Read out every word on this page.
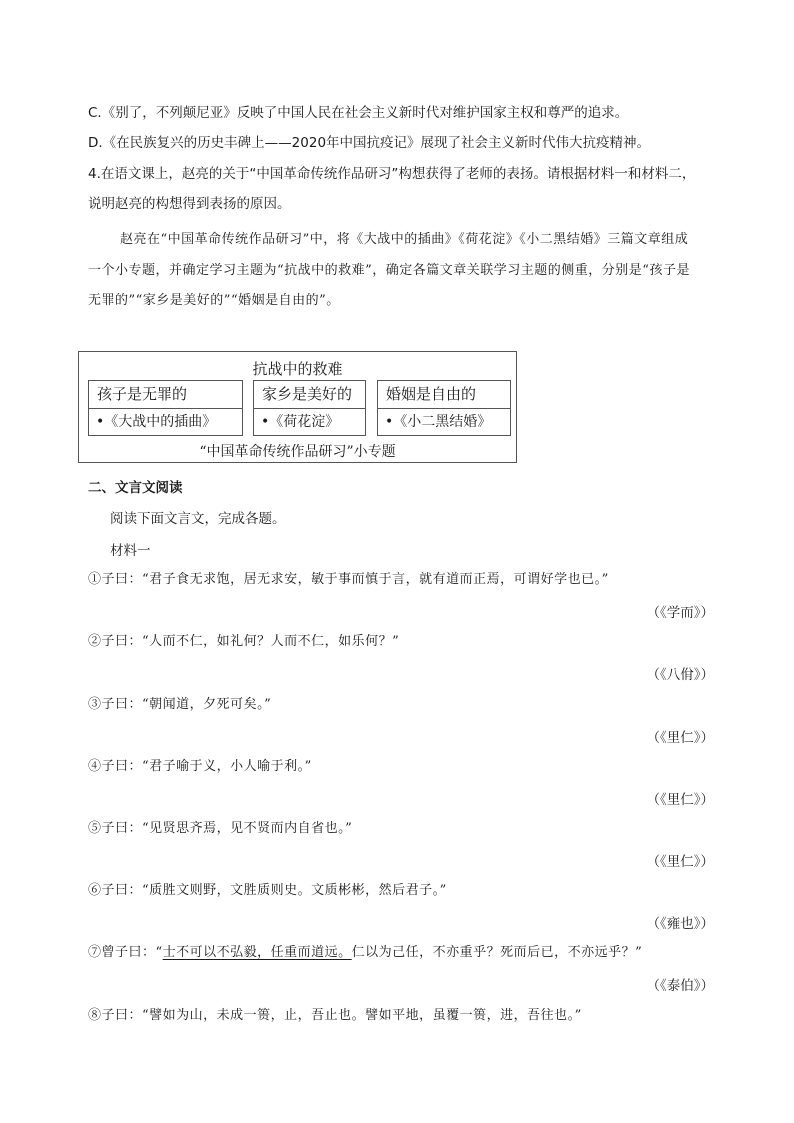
C.《别了，不列颠尼亚》反映了中国人民在社会主义新时代对维护国家主权和尊严的追求。
D.《在民族复兴的历史丰碑上——2020年中国抗疫记》展现了社会主义新时代伟大抗疫精神。
4.在语文课上，赵亮的关于“中国革命传统作品研习”构想获得了老师的表扬。请根据材料一和材料二，
说明赵亮的构想得到表扬的原因。
赵亮在“中国革命传统作品研习”中，将《大战中的插曲》《荷花淀》《小二黑结婚》三篇文章组成
一个小专题，并确定学习主题为“抗战中的救难”，确定各篇文章关联学习主题的侧重，分别是“孩子是
无罪的”“家乡是美好的”“婚姻是自由的”。
抗战中的救难
孩子是无罪的
•《大战中的插曲》
家乡是美好的
•《荷花淀》
婚姻是自由的
•《小二黑结婚》
“中国革命传统作品研习”小专题
二、文言文阅读
阅读下面文言文，完成各题。
材料一
①子曰：“君子食无求饱，居无求安，敏于事而慎于言，就有道而正焉，可谓好学也已。”
（《学而》）
②子曰：“人而不仁，如礼何？人而不仁，如乐何？”
（《八佾》）
③子曰：“朝闻道，夕死可矣。”
（《里仁》）
④子曰：“君子喻于义，小人喻于利。”
（《里仁》）
⑤子曰：“见贤思齐焉，见不贤而内自省也。”
（《里仁》）
⑥子曰：“质胜文则野，文胜质则史。文质彬彬，然后君子。”
（《雍也》）
⑦曾子曰：“士不可以不弘毅，任重而道远。仁以为己任，不亦重乎？死而后已，不亦远乎？”
（《泰伯》）
⑧子曰：“譬如为山，未成一篑，止，吾止也。譬如平地，虽覆一篑，进，吾往也。”
